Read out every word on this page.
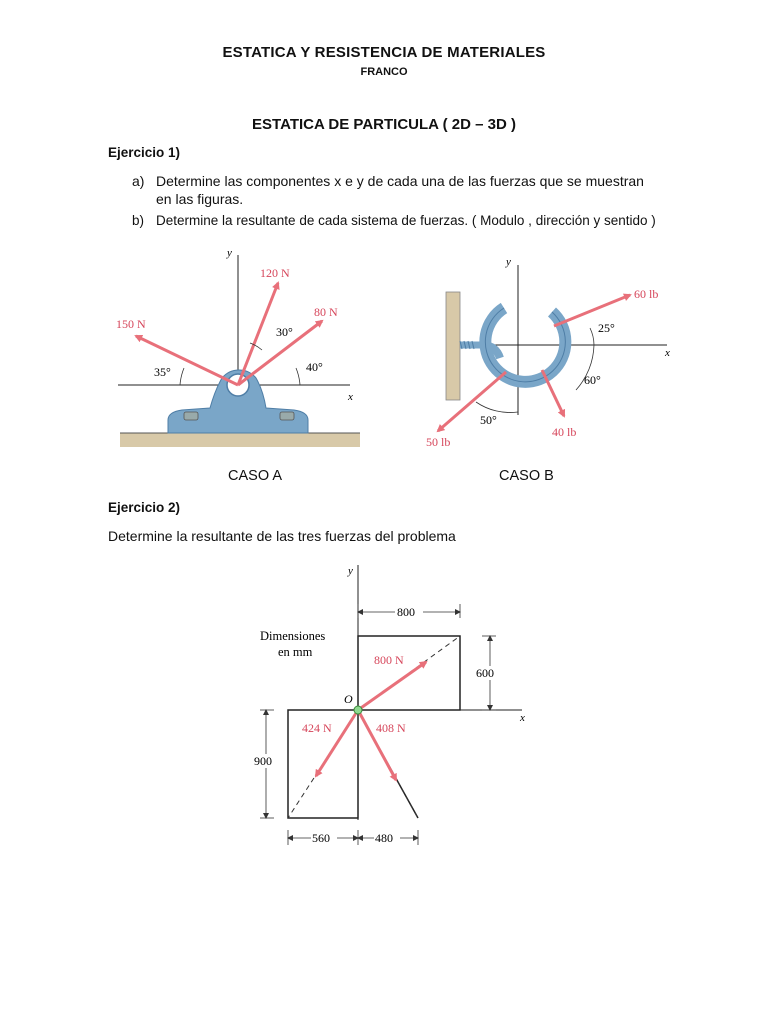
ESTATICA Y RESISTENCIA DE MATERIALES
FRANCO
ESTATICA DE PARTICULA ( 2D – 3D )
Ejercicio 1)
a) Determine las componentes x e y de cada una de las fuerzas que se muestran en las figuras.
b) Determine la resultante de cada sistema de fuerzas. ( Modulo , dirección y sentido )
x
y
120 N
80 N
150 N
30°
40°
35°
x
y
60 lb
40 lb
50 lb
25°
60°
50°
CASO A	CASO B
Ejercicio 2)
Determine la resultante de las tres fuerzas del problema
800
600
900
560	480
y
x
O
Dimensiones
en mm
800 N
424 N	408 N
